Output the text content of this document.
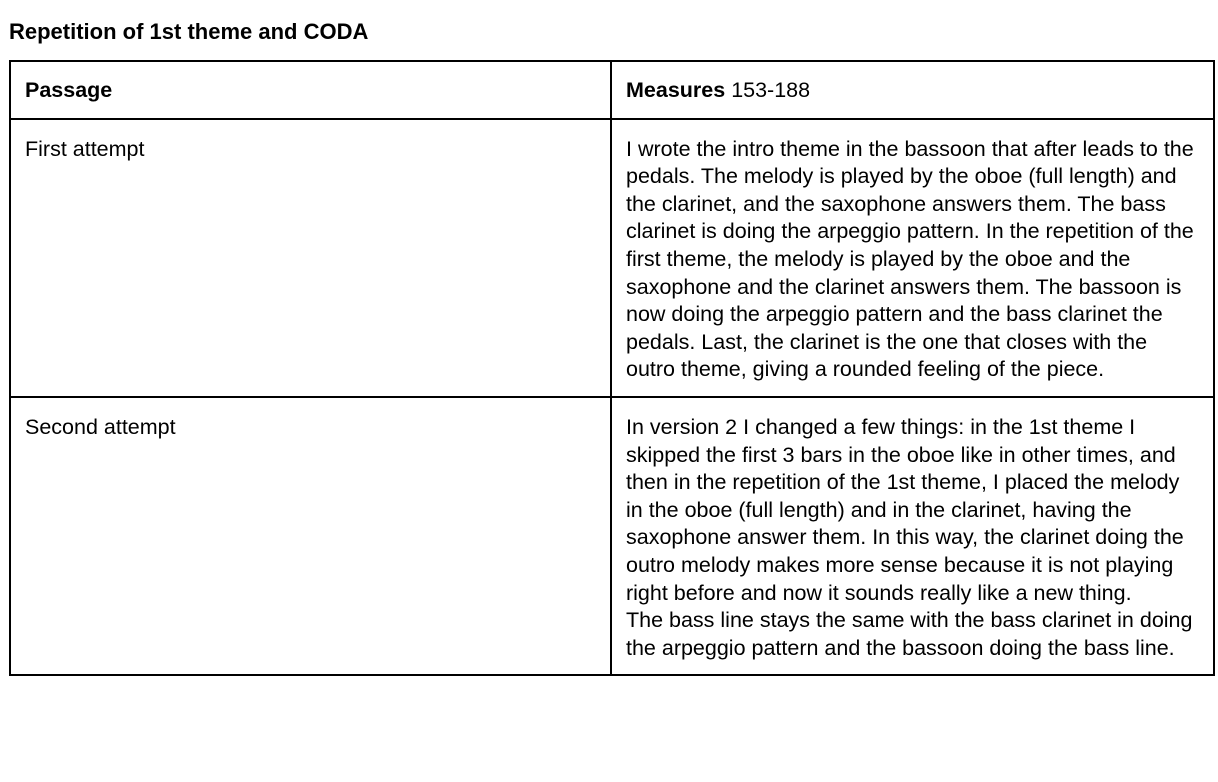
Repetition of 1st theme and CODA
Passage	Measures 153-188

First attempt	I wrote the intro theme in the bassoon that after leads to the pedals. The melody is played by the oboe (full length) and the clarinet, and the saxophone answers them. The bass clarinet is doing the arpeggio pattern. In the repetition of the first theme, the melody is played by the oboe and the saxophone and the clarinet answers them. The bassoon is now doing the arpeggio pattern and the bass clarinet the pedals. Last, the clarinet is the one that closes with the outro theme, giving a rounded feeling of the piece.

Second attempt	In version 2 I changed a few things: in the 1st theme I skipped the first 3 bars in the oboe like in other times, and then in the repetition of the 1st theme, I placed the melody in the oboe (full length) and in the clarinet, having the saxophone answer them. In this way, the clarinet doing the outro melody makes more sense because it is not playing right before and now it sounds really like a new thing.
The bass line stays the same with the bass clarinet in doing the arpeggio pattern and the bassoon doing the bass line.
